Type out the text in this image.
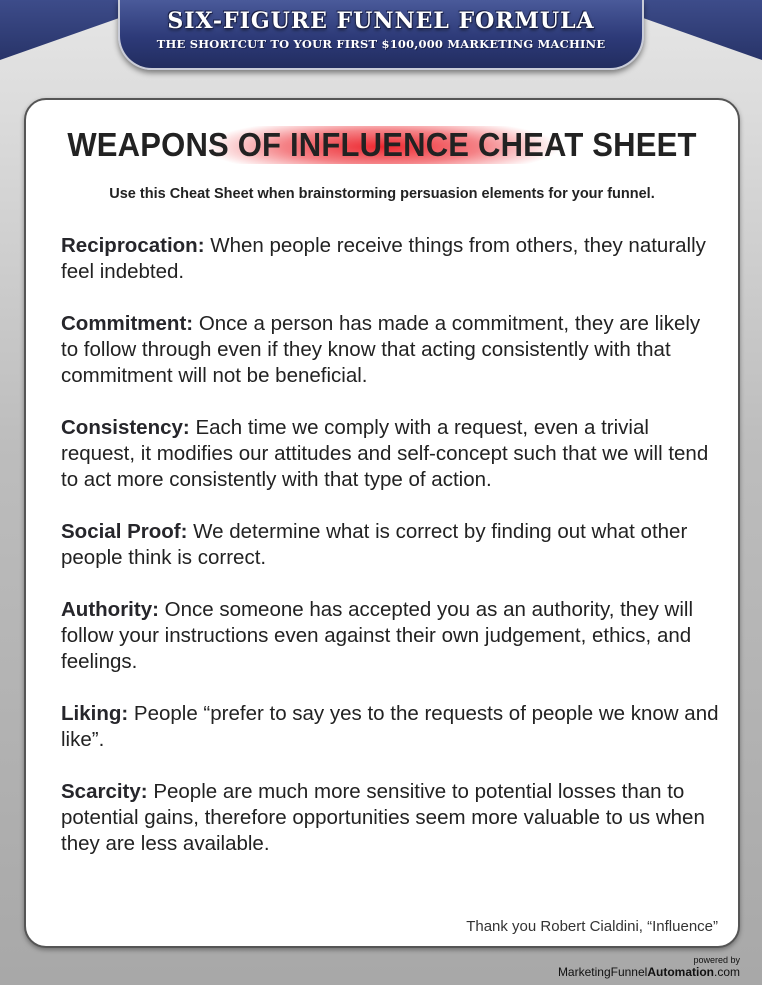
SIX-FIGURE FUNNEL FORMULA
THE SHORTCUT TO YOUR FIRST $100,000 MARKETING MACHINE
WEAPONS OF INFLUENCE CHEAT SHEET
Use this Cheat Sheet when brainstorming persuasion elements for your funnel.

Reciprocation: When people receive things from others, they naturally feel indebted.

Commitment: Once a person has made a commitment, they are likely to follow through even if they know that acting consistently with that commitment will not be beneficial.

Consistency: Each time we comply with a request, even a trivial request, it modifies our attitudes and self-concept such that we will tend to act more consistently with that type of action.

Social Proof: We determine what is correct by finding out what other people think is correct.

Authority: Once someone has accepted you as an authority, they will follow your instructions even against their own judgement, ethics, and feelings.

Liking: People “prefer to say yes to the requests of people we know and like”.

Scarcity: People are much more sensitive to potential losses than to potential gains, therefore opportunities seem more valuable to us when they are less available.

Thank you Robert Cialdini, “Influence”
powered by
MarketingFunnelAutomation.com
